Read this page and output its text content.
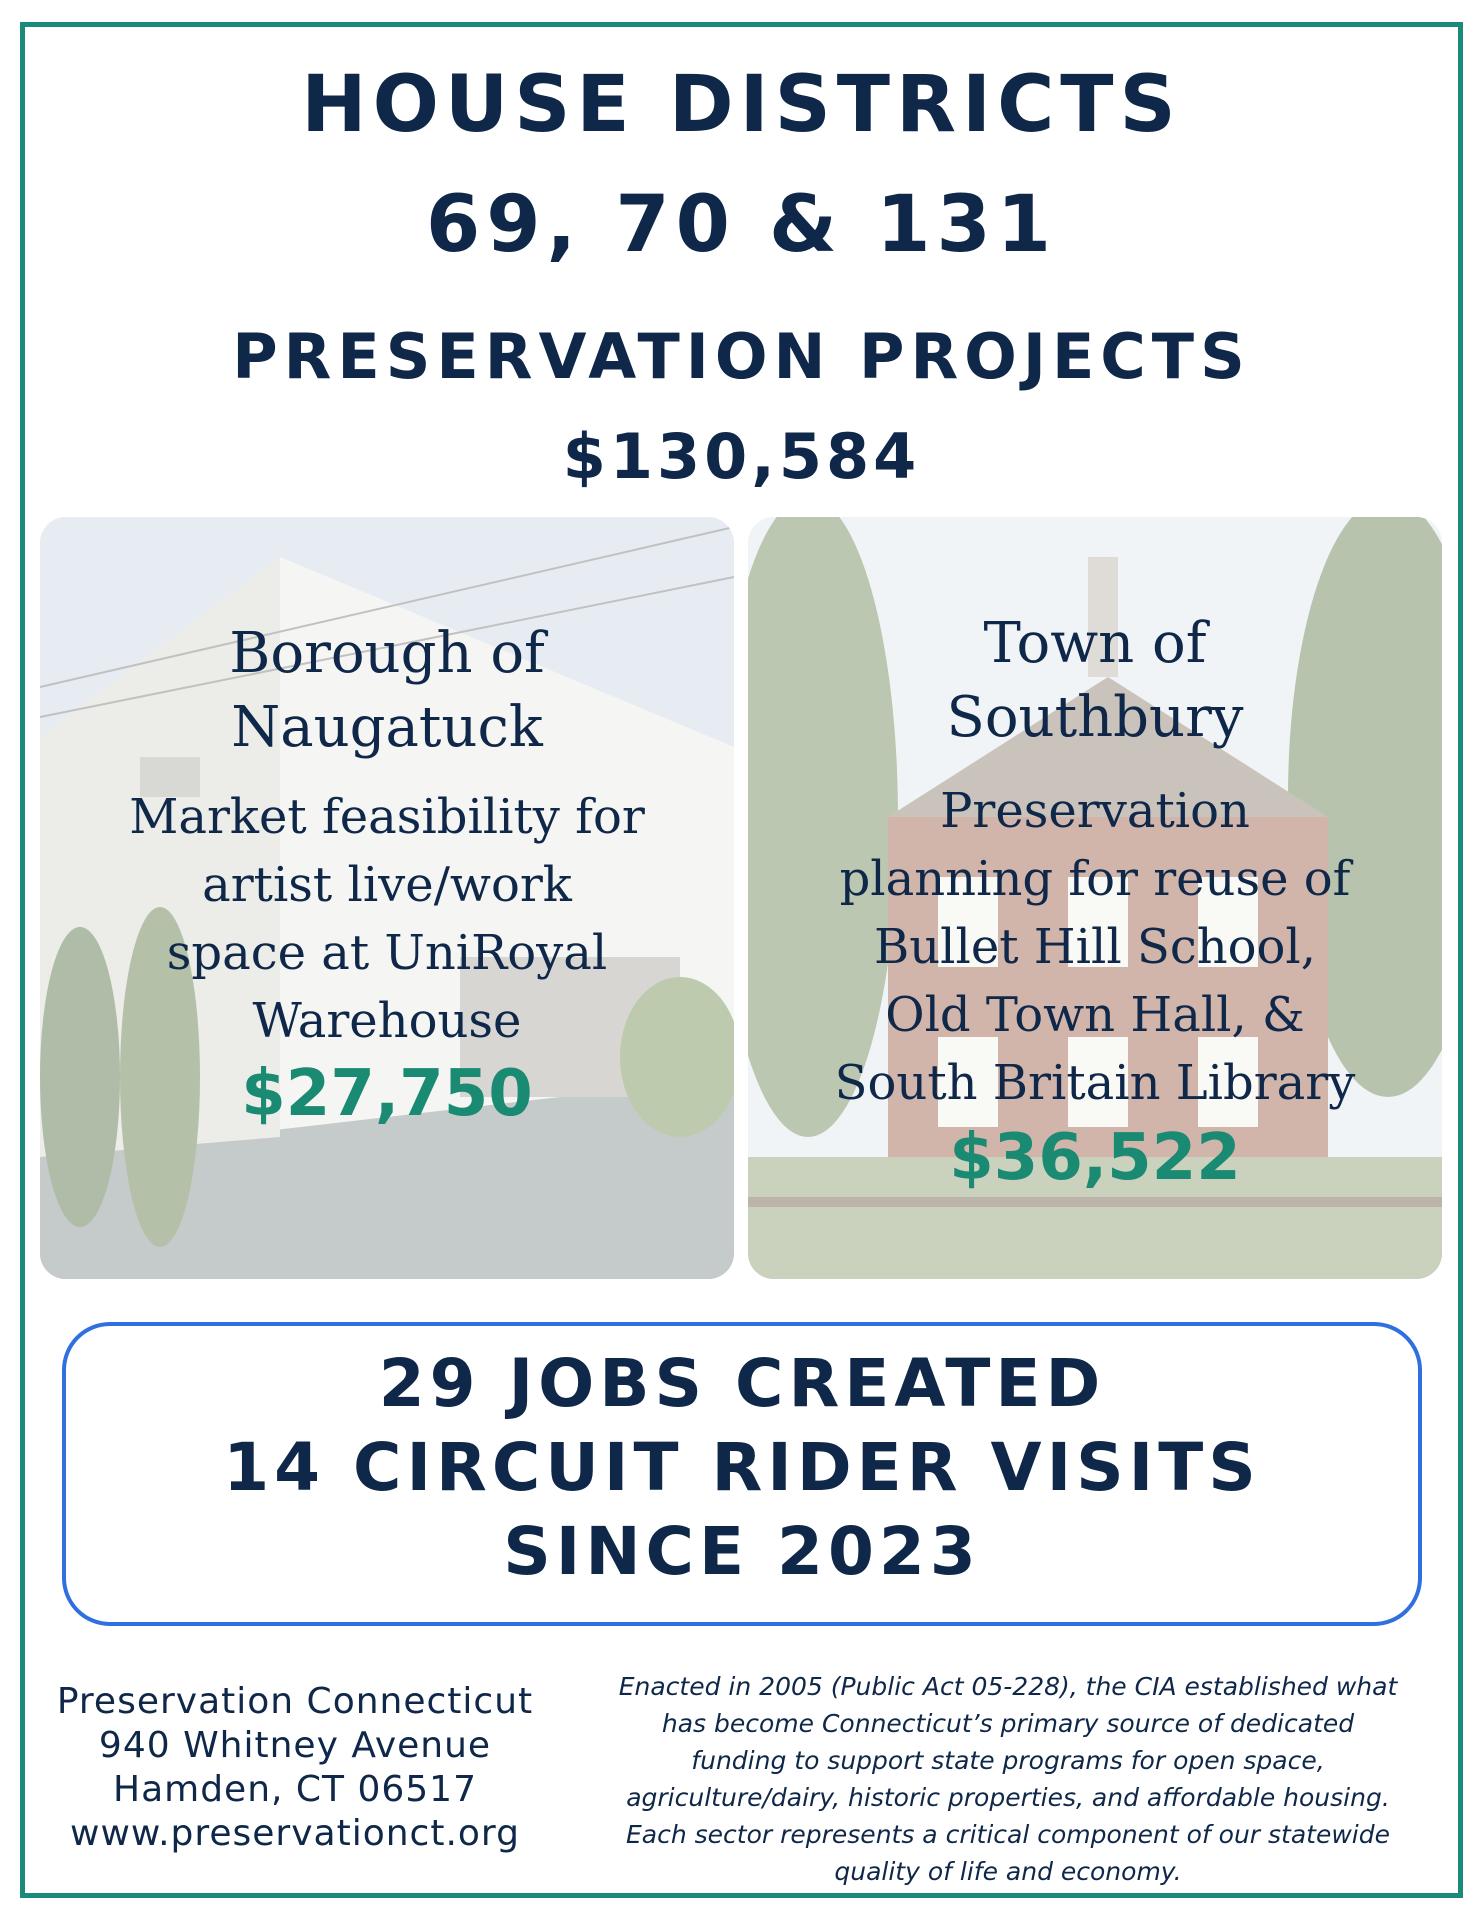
HOUSE DISTRICTS
69, 70 & 131
PRESERVATION PROJECTS
$130,584
Borough of
Naugatuck
Market feasibility for
artist live/work
space at UniRoyal
Warehouse
$27,750
Town of
Southbury
Preservation
planning for reuse of
Bullet Hill School,
Old Town Hall, &
South Britain Library
$36,522
29 JOBS CREATED
14 CIRCUIT RIDER VISITS
SINCE 2023
Preservation Connecticut
940 Whitney Avenue
Hamden, CT 06517
www.preservationct.org
Enacted in 2005 (Public Act 05-228), the CIA established what
has become Connecticut’s primary source of dedicated
funding to support state programs for open space,
agriculture/dairy, historic properties, and affordable housing.
Each sector represents a critical component of our statewide
quality of life and economy.
